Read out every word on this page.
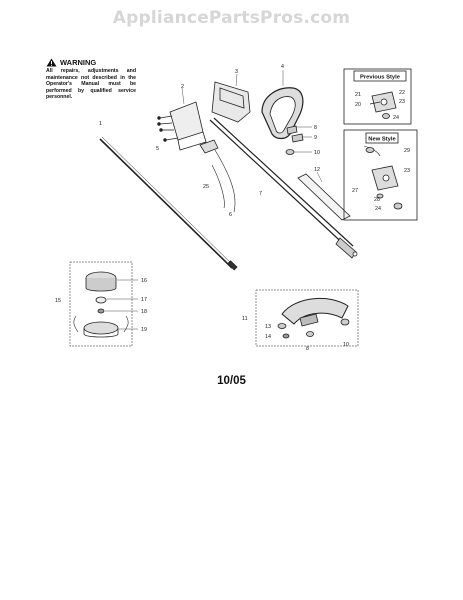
AppliancePartsPros.com
WARNING
All repairs, adjustments and maintenance not described in the Operator's Manual must be performed by qualified service personnel.
Previous Style
New Style
1
2
3
4
5
6
7
8
9
10
12
25
21
20
22
23
24
29
23
27
28
24
15
16
17
18
19
11
13
14
8
10
10/05
